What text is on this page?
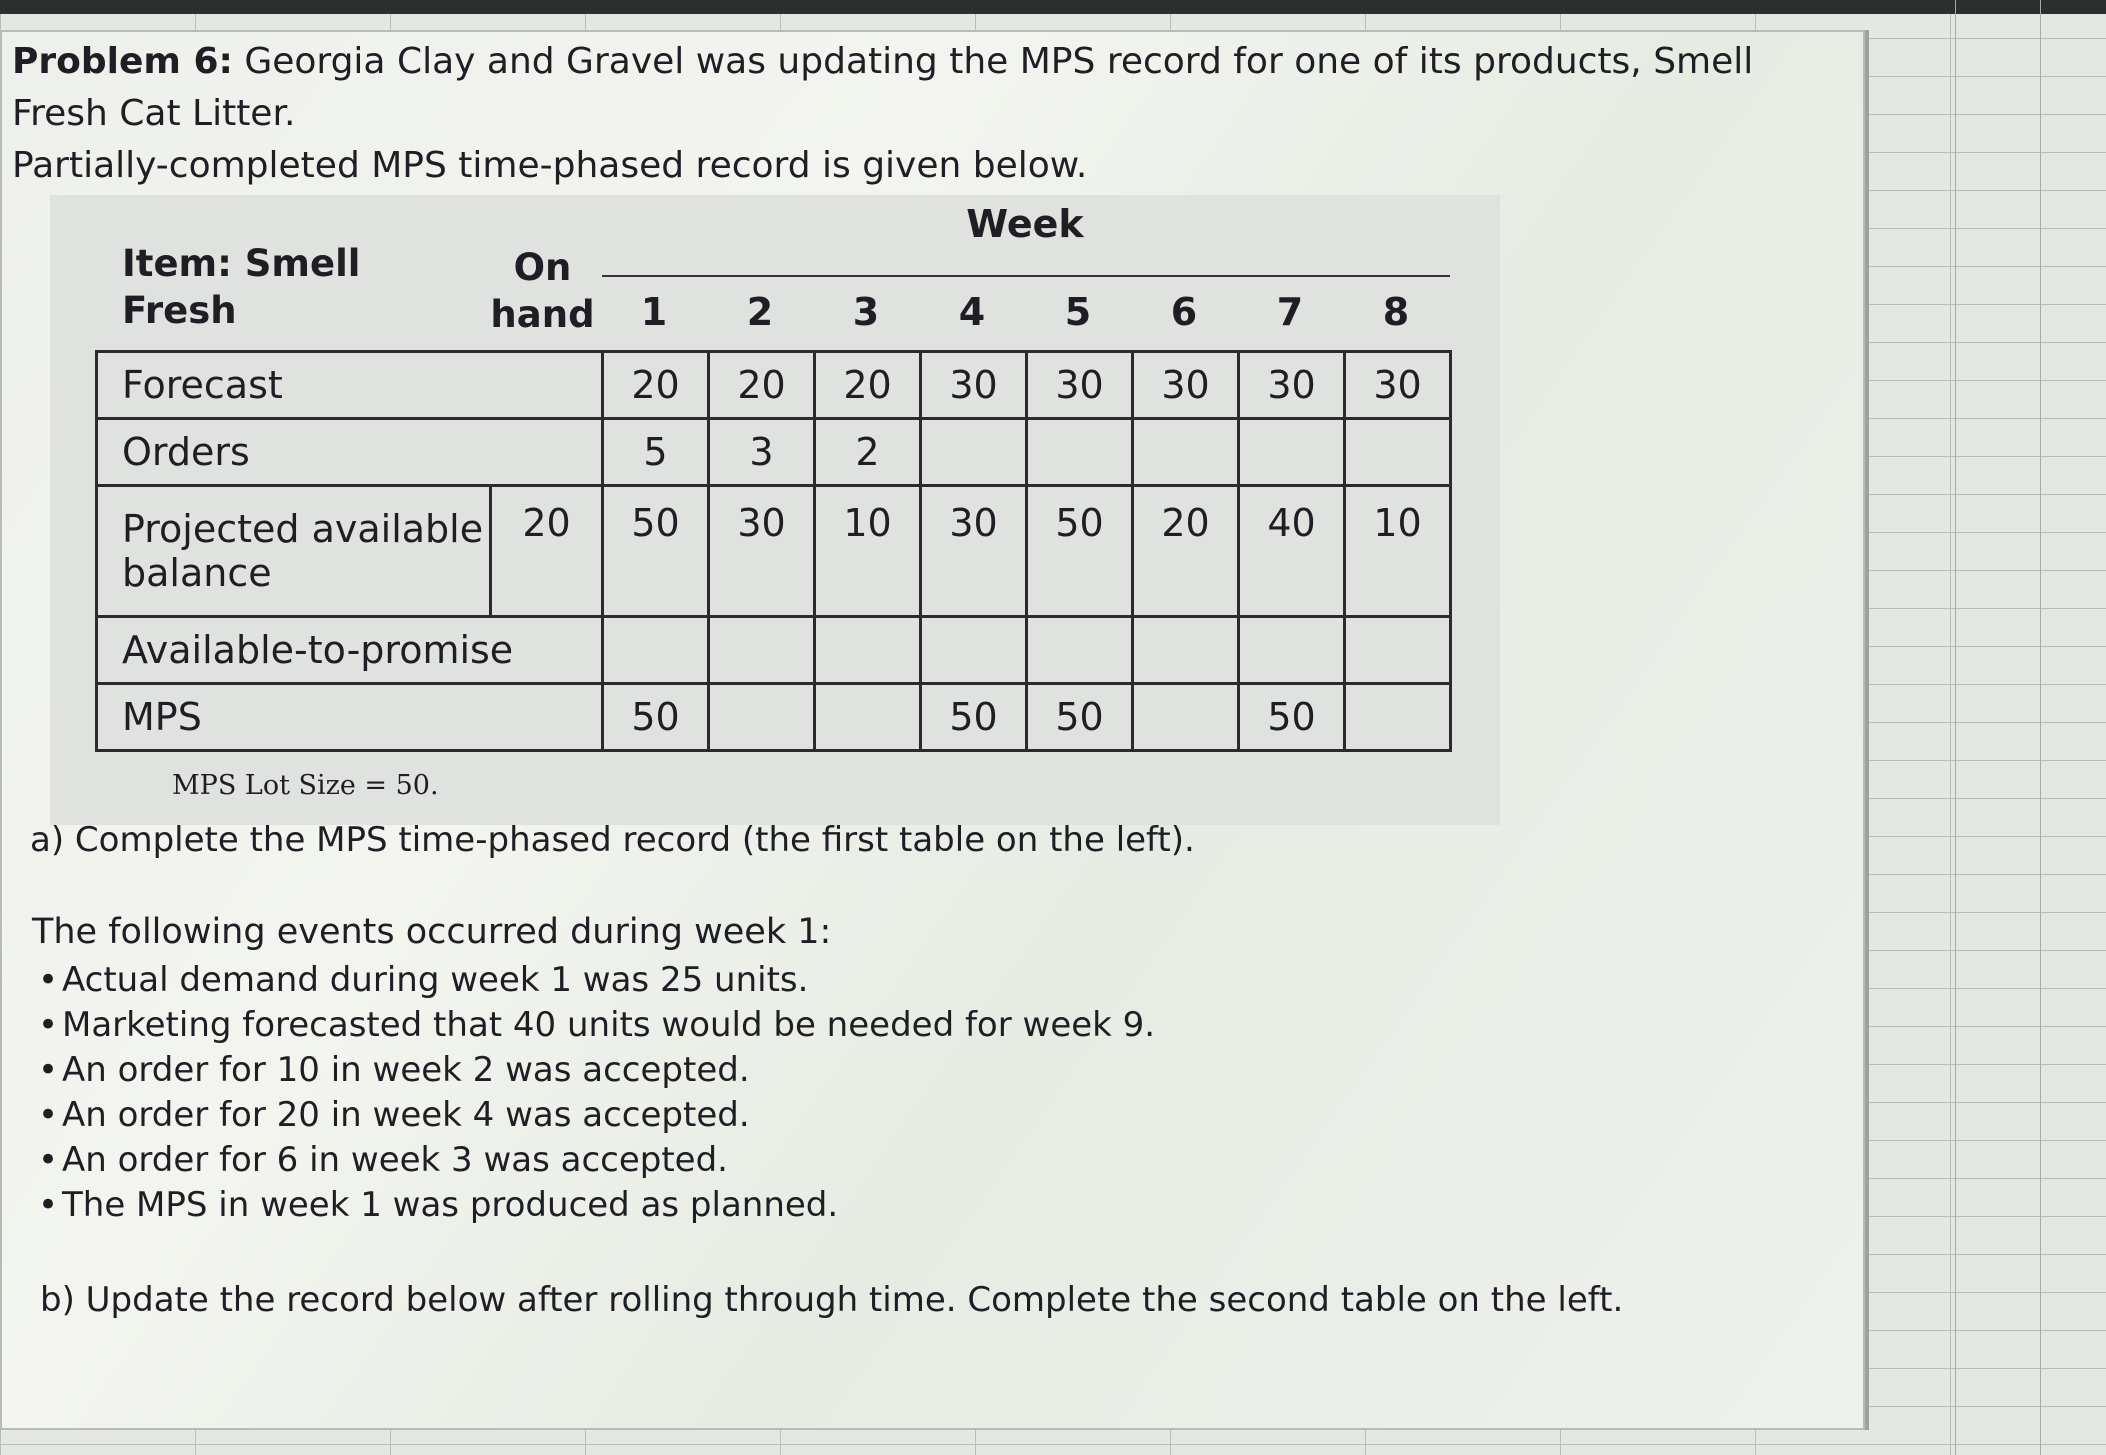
Problem 6: Georgia Clay and Gravel was updating the MPS record for one of its products, Smell Fresh Cat Litter.
Partially-completed MPS time-phased record is given below.
Item: Smell
Fresh
On
hand
Week
1	2	3	4	5	6	7	8
Forecast		20	20	20	30	30	30	30	30
Orders		5	3	2					
Projected available
balance	20	50	30	10	30	50	20	40	10
Available-to-promise									
MPS		50			50	50		50	
MPS Lot Size = 50.
a) Complete the MPS time-phased record (the first table on the left).
The following events occurred during week 1:
• Actual demand during week 1 was 25 units.
• Marketing forecasted that 40 units would be needed for week 9.
• An order for 10 in week 2 was accepted.
• An order for 20 in week 4 was accepted.
• An order for 6 in week 3 was accepted.
• The MPS in week 1 was produced as planned.
b) Update the record below after rolling through time. Complete the second table on the left.
